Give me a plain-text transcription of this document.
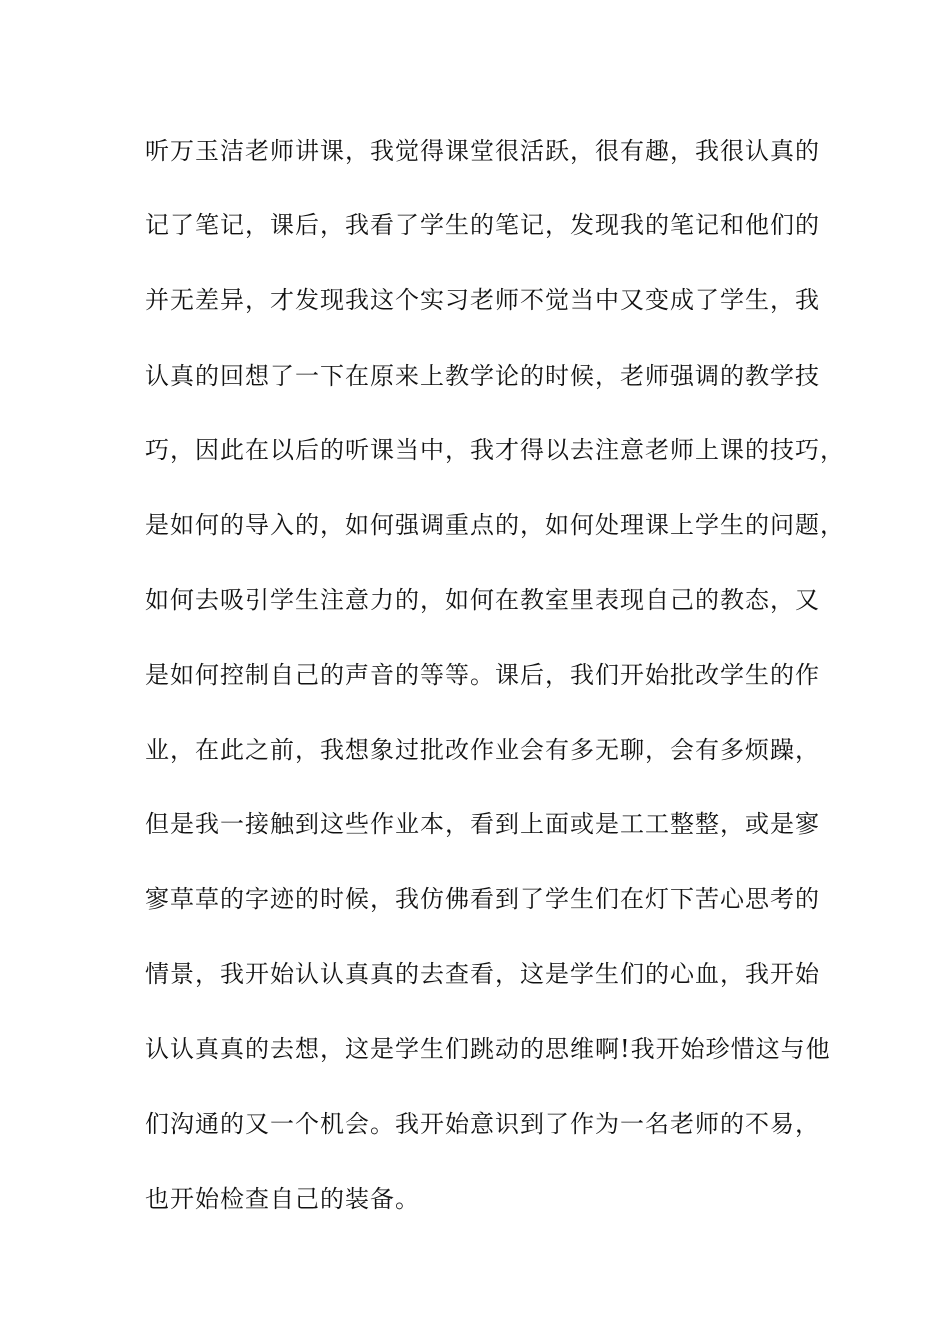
听万玉洁老师讲课，我觉得课堂很活跃，很有趣，我很认真的
记了笔记，课后，我看了学生的笔记，发现我的笔记和他们的
并无差异，才发现我这个实习老师不觉当中又变成了学生，我
认真的回想了一下在原来上教学论的时候，老师强调的教学技
巧，因此在以后的听课当中，我才得以去注意老师上课的技巧，
是如何的导入的，如何强调重点的，如何处理课上学生的问题，
如何去吸引学生注意力的，如何在教室里表现自己的教态，又
是如何控制自己的声音的等等。课后，我们开始批改学生的作
业，在此之前，我想象过批改作业会有多无聊，会有多烦躁，
但是我一接触到这些作业本，看到上面或是工工整整，或是寥
寥草草的字迹的时候，我仿佛看到了学生们在灯下苦心思考的
情景，我开始认认真真的去查看，这是学生们的心血，我开始
认认真真的去想，这是学生们跳动的思维啊!我开始珍惜这与他
们沟通的又一个机会。我开始意识到了作为一名老师的不易，
也开始检查自己的装备。
